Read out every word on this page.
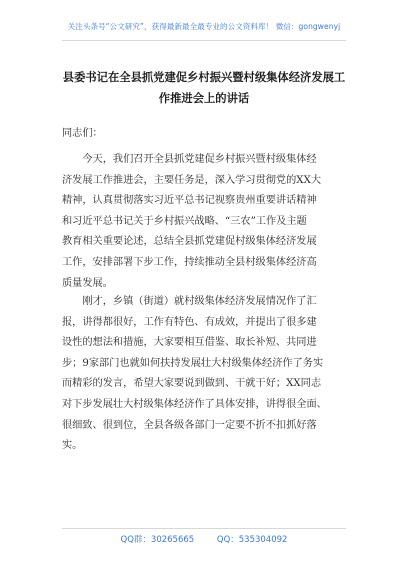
关注头条号“公文研究”，获得最新最全最专业的公文资料库！ 微信：gongwenyj
县委书记在全县抓党建促乡村振兴暨村级集体经济发展工
作推进会上的讲话
同志们：
　　今天，我们召开全县抓党建促乡村振兴暨村级集体经
济发展工作推进会，主要任务是，深入学习贯彻党的XX大
精神，认真贯彻落实习近平总书记视察贵州重要讲话精神
和习近平总书记关于乡村振兴战略、“三农”工作及主题
教育相关重要论述，总结全县抓党建促村级集体经济发展
工作，安排部署下步工作，持续推动全县村级集体经济高
质量发展。
　　刚才，乡镇（街道）就村级集体经济发展情况作了汇
报，讲得都很好，工作有特色、有成效，并提出了很多建
设性的想法和措施，大家要相互借鉴、取长补短、共同进
步；9家部门也就如何扶持发展壮大村级集体经济作了务实
而精彩的发言，希望大家要说到做到、干就干好；XX同志
对下步发展壮大村级集体经济作了具体安排，讲得很全面、
很细致、很到位，全县各级各部门一定要不折不扣抓好落
实。
QQ群：30265665	QQ：535304092
